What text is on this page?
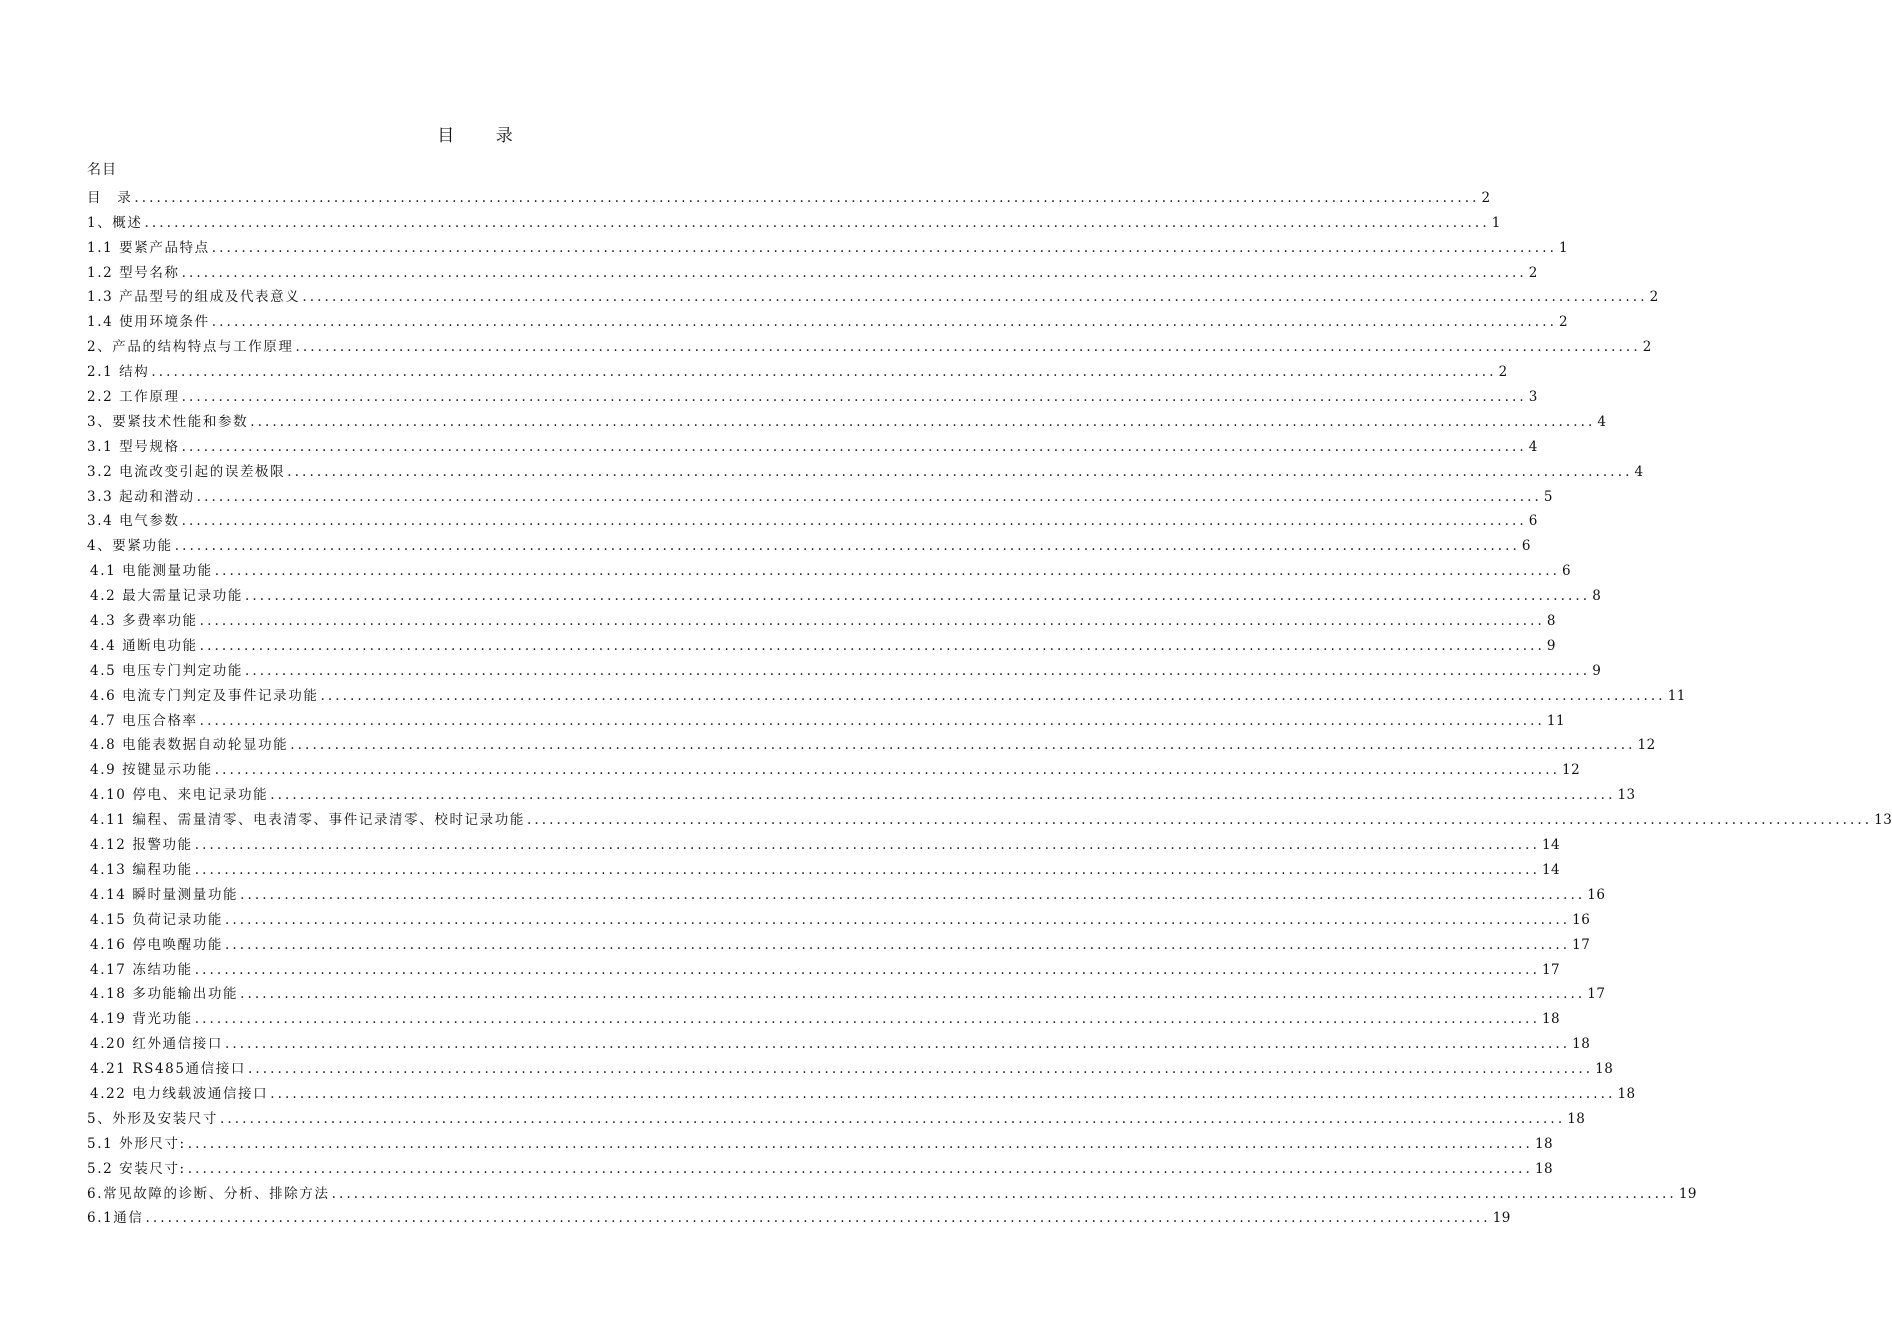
目 录
名目
目　录 ...................................................................................................................................................................................... 2
1、概述 ...................................................................................................................................................................................... 1
1.1 要紧产品特点 ...................................................................................................................................................................................... 1
1.2 型号名称 ...................................................................................................................................................................................... 2
1.3 产品型号的组成及代表意义 ...................................................................................................................................................................................... 2
1.4 使用环境条件 ...................................................................................................................................................................................... 2
2、产品的结构特点与工作原理 ...................................................................................................................................................................................... 2
2.1 结构 ...................................................................................................................................................................................... 2
2.2 工作原理 ...................................................................................................................................................................................... 3
3、要紧技术性能和参数 ...................................................................................................................................................................................... 4
3.1 型号规格 ...................................................................................................................................................................................... 4
3.2 电流改变引起的误差极限 ...................................................................................................................................................................................... 4
3.3 起动和潜动 ...................................................................................................................................................................................... 5
3.4 电气参数 ...................................................................................................................................................................................... 6
4、要紧功能 ...................................................................................................................................................................................... 6
4.1 电能测量功能 ...................................................................................................................................................................................... 6
4.2 最大需量记录功能 ...................................................................................................................................................................................... 8
4.3 多费率功能 ...................................................................................................................................................................................... 8
4.4 通断电功能 ...................................................................................................................................................................................... 9
4.5 电压专门判定功能 ...................................................................................................................................................................................... 9
4.6 电流专门判定及事件记录功能 ...................................................................................................................................................................................... 11
4.7 电压合格率 ...................................................................................................................................................................................... 11
4.8 电能表数据自动轮显功能 ...................................................................................................................................................................................... 12
4.9 按键显示功能 ...................................................................................................................................................................................... 12
4.10 停电、来电记录功能 ...................................................................................................................................................................................... 13
4.11 编程、需量清零、电表清零、事件记录清零、校时记录功能 ...................................................................................................................................................................................... 13
4.12 报警功能 ...................................................................................................................................................................................... 14
4.13 编程功能 ...................................................................................................................................................................................... 14
4.14 瞬时量测量功能 ...................................................................................................................................................................................... 16
4.15 负荷记录功能 ...................................................................................................................................................................................... 16
4.16 停电唤醒功能 ...................................................................................................................................................................................... 17
4.17 冻结功能 ...................................................................................................................................................................................... 17
4.18 多功能输出功能 ...................................................................................................................................................................................... 17
4.19 背光功能 ...................................................................................................................................................................................... 18
4.20 红外通信接口 ...................................................................................................................................................................................... 18
4.21 RS485通信接口 ...................................................................................................................................................................................... 18
4.22 电力线载波通信接口 ...................................................................................................................................................................................... 18
5、外形及安装尺寸 ...................................................................................................................................................................................... 18
5.1 外形尺寸: ...................................................................................................................................................................................... 18
5.2 安装尺寸: ...................................................................................................................................................................................... 18
6.常见故障的诊断、分析、排除方法 ...................................................................................................................................................................................... 19
6.1通信 ...................................................................................................................................................................................... 19
